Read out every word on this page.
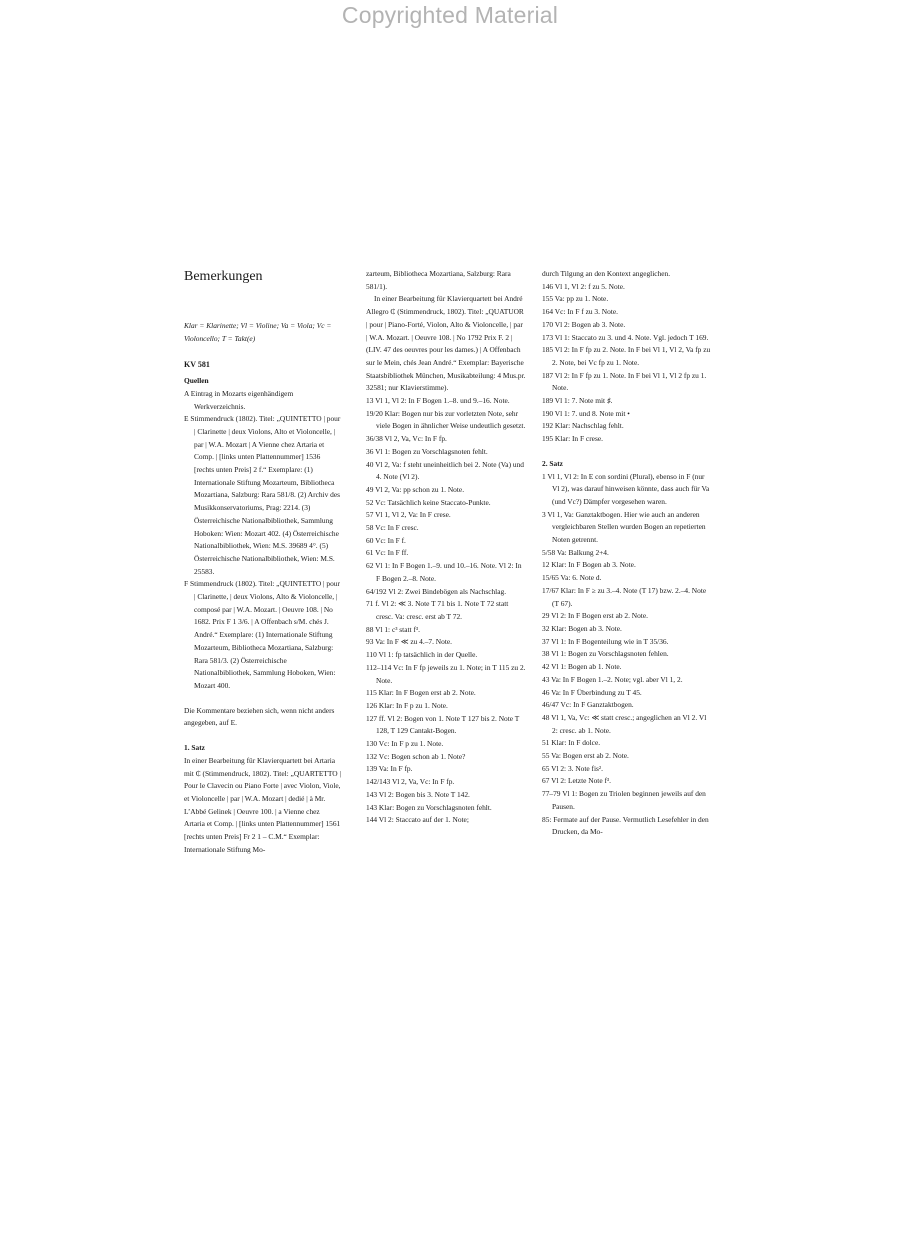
Copyrighted Material
Bemerkungen
Klar = Klarinette; Vl = Violine; Va = Viola; Vc = Violoncello; T = Takt(e)
KV 581
Quellen
A Eintrag in Mozarts eigenhändigem Werkverzeichnis.
E Stimmendruck (1802). Titel: „QUINTETTO | pour | Clarinette | deux Violons, Alto et Violoncelle, | par | W.A. Mozart | A Vienne chez Artaria et Comp. | [links unten Plattennummer] 1536 [rechts unten Preis] 2 f.“ Exemplare: (1) Internationale Stiftung Mozarteum, Bibliotheca Mozartiana, Salzburg: Rara 581/8. (2) Archiv des Musikkonservatoriums, Prag: 2214. (3) Österreichische Nationalbibliothek, Sammlung Hoboken: Wien: Mozart 402. (4) Österreichische Nationalbibliothek, Wien: M.S. 39689 4°. (5) Österreichische Nationalbibliothek, Wien: M.S. 25583.
F Stimmendruck (1802). Titel: „QUINTETTO | pour | Clarinette, | deux Violons, Alto & Violoncelle, | composé par | W.A. Mozart. | Oeuvre 108. | No 1682. Prix F 1 3/6. | A Offenbach s/M. chés J. André.“ Exemplare: (1) Internationale Stiftung Mozarteum, Bibliotheca Mozartiana, Salzburg: Rara 581/3. (2) Österreichische Nationalbibliothek, Sammlung Hoboken, Wien: Mozart 400.
Die Kommentare beziehen sich, wenn nicht anders angegeben, auf E.
1. Satz
In einer Bearbeitung für Klavierquartett bei Artaria mit ₵ (Stimmendruck, 1802). Titel: „QUARTETTO | Pour le Clavecin ou Piano Forte | avec Violon, Viole, et Violoncelle | par | W.A. Mozart | dedié | à Mr. L’Abbé Gelinek | Oeuvre 100. | a Vienne chez Artaria et Comp. | [links unten Plattennummer] 1561 [rechts unten Preis] Fr 2 1 – C.M.“ Exemplar: Internationale Stiftung Mo-
zarteum, Bibliotheca Mozartiana, Salzburg: Rara 581/1).
In einer Bearbeitung für Klavierquartett bei André Allegro ₵ (Stimmendruck, 1802). Titel: „QUATUOR | pour | Piano-Forté, Violon, Alto & Violoncelle, | par | W.A. Mozart. | Oeuvre 108. | No 1792 Prix F. 2 | (LIV. 47 des oeuvres pour les dames.) | A Offenbach sur le Mein, chés Jean André.“ Exemplar: Bayerische Staatsbibliothek München, Musikabteilung: 4 Mus.pr. 32581; nur Klavierstimme).
13 Vl 1, Vl 2: In F Bogen 1.–8. und 9.–16. Note.
19/20 Klar: Bogen nur bis zur vorletzten Note, sehr viele Bogen in ähnlicher Weise undeutlich gesetzt.
36/38 Vl 2, Va, Vc: In F fp.
36 Vl 1: Bogen zu Vorschlagsnoten fehlt.
40 Vl 2, Va: f steht uneinheitlich bei 2. Note (Va) und 4. Note (Vl 2).
49 Vl 2, Va: pp schon zu 1. Note.
52 Vc: Tatsächlich keine Staccato-Punkte.
57 Vl 1, Vl 2, Va: In F crese.
58 Vc: In F cresc.
60 Vc: In F f.
61 Vc: In F ff.
62 Vl 1: In F Bogen 1.–9. und 10.–16. Note. Vl 2: In F Bogen 2.–8. Note.
64/192 Vl 2: Zwei Bindebögen als Nachschlag.
71 f. Vl 2: ≪ 3. Note T 71 bis 1. Note T 72 statt cresc. Va: cresc. erst ab T 72.
88 Vl 1: c³ statt f³.
93 Va: In F ≪ zu 4.–7. Note.
110 Vl 1: fp tatsächlich in der Quelle.
112–114 Vc: In F fp jeweils zu 1. Note; in T 115 zu 2. Note.
115 Klar: In F Bogen erst ab 2. Note.
126 Klar: In F p zu 1. Note.
127 ff. Vl 2: Bogen von 1. Note T 127 bis 2. Note T 128, T 129 Cantakt-Bogen.
130 Vc: In F p zu 1. Note.
132 Vc: Bogen schon ab 1. Note?
139 Va: In F fp.
142/143 Vl 2, Va, Vc: In F fp.
143 Vl 2: Bogen bis 3. Note T 142.
143 Klar: Bogen zu Vorschlagsnoten fehlt.
144 Vl 2: Staccato auf der 1. Note;
durch Tilgung an den Kontext angeglichen.
146 Vl 1, Vl 2: f zu 5. Note.
155 Va: pp zu 1. Note.
164 Vc: In F f zu 3. Note.
170 Vl 2: Bogen ab 3. Note.
173 Vl 1: Staccato zu 3. und 4. Note. Vgl. jedoch T 169.
185 Vl 2: In F fp zu 2. Note. In F bei Vl 1, Vl 2, Va fp zu 2. Note, bei Vc fp zu 1. Note.
187 Vl 2: In F fp zu 1. Note. In F bei Vl 1, Vl 2 fp zu 1. Note.
189 Vl 1: 7. Note mit ♯.
190 Vl 1: 7. und 8. Note mit •
192 Klar: Nachschlag fehlt.
195 Klar: In F crese.
2. Satz
1 Vl 1, Vl 2: In E con sordini (Plural), ebenso in F (nur Vl 2), was darauf hinweisen könnte, dass auch für Va (und Vc?) Dämpfer vorgesehen waren.
3 Vl 1, Va: Ganztaktbogen. Hier wie auch an anderen vergleichbaren Stellen wurden Bogen an repetierten Noten getrennt.
5/58 Va: Balkung 2+4.
12 Klar: In F Bogen ab 3. Note.
15/65 Va: 6. Note d.
17/67 Klar: In F ≥ zu 3.–4. Note (T 17) bzw. 2.–4. Note (T 67).
29 Vl 2: In F Bogen erst ab 2. Note.
32 Klar: Bogen ab 3. Note.
37 Vl 1: In F Bogenteilung wie in T 35/36.
38 Vl 1: Bogen zu Vorschlagsnoten fehlen.
42 Vl 1: Bogen ab 1. Note.
43 Va: In F Bogen 1.–2. Note; vgl. aber Vl 1, 2.
46 Va: In F Überbindung zu T 45.
46/47 Vc: In F Ganztaktbogen.
48 Vl 1, Va, Vc: ≪ statt cresc.; angeglichen an Vl 2. Vl 2: cresc. ab 1. Note.
51 Klar: In F dolce.
55 Va: Bogen erst ab 2. Note.
65 Vl 2: 3. Note fis².
67 Vl 2: Letzte Note f³.
77–79 Vl 1: Bogen zu Triolen beginnen jeweils auf den Pausen.
85: Fermate auf der Pause. Vermutlich Lesefehler in den Drucken, da Mo-
